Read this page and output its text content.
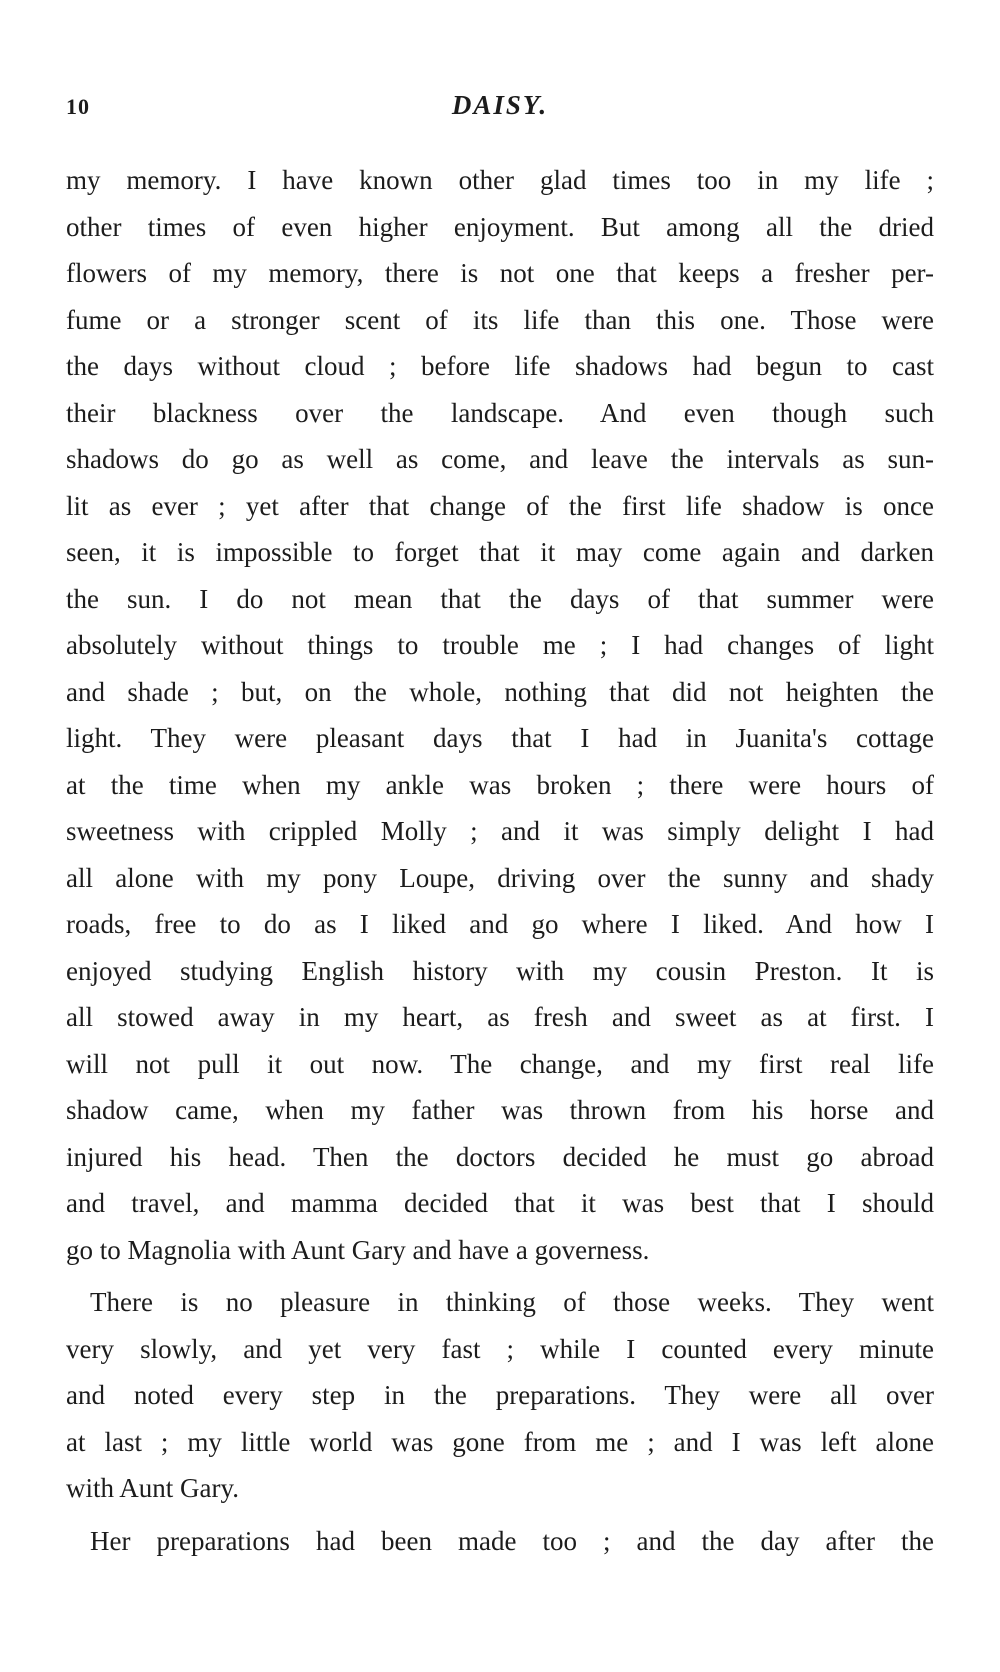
10	DAISY.
my memory. I have known other glad times too in my life ;
other times of even higher enjoyment. But among all the dried
flowers of my memory, there is not one that keeps a fresher per-
fume or a stronger scent of its life than this one. Those were
the days without cloud ; before life shadows had begun to cast
their blackness over the landscape. And even though such
shadows do go as well as come, and leave the intervals as sun-
lit as ever ; yet after that change of the first life shadow is once
seen, it is impossible to forget that it may come again and darken
the sun. I do not mean that the days of that summer were
absolutely without things to trouble me ; I had changes of light
and shade ; but, on the whole, nothing that did not heighten the
light. They were pleasant days that I had in Juanita's cottage
at the time when my ankle was broken ; there were hours of
sweetness with crippled Molly ; and it was simply delight I had
all alone with my pony Loupe, driving over the sunny and shady
roads, free to do as I liked and go where I liked. And how I
enjoyed studying English history with my cousin Preston. It is
all stowed away in my heart, as fresh and sweet as at first. I
will not pull it out now. The change, and my first real life
shadow came, when my father was thrown from his horse and
injured his head. Then the doctors decided he must go abroad
and travel, and mamma decided that it was best that I should
go to Magnolia with Aunt Gary and have a governess.
There is no pleasure in thinking of those weeks. They went
very slowly, and yet very fast ; while I counted every minute
and noted every step in the preparations. They were all over
at last ; my little world was gone from me ; and I was left alone
with Aunt Gary.
Her preparations had been made too ; and the day after the
